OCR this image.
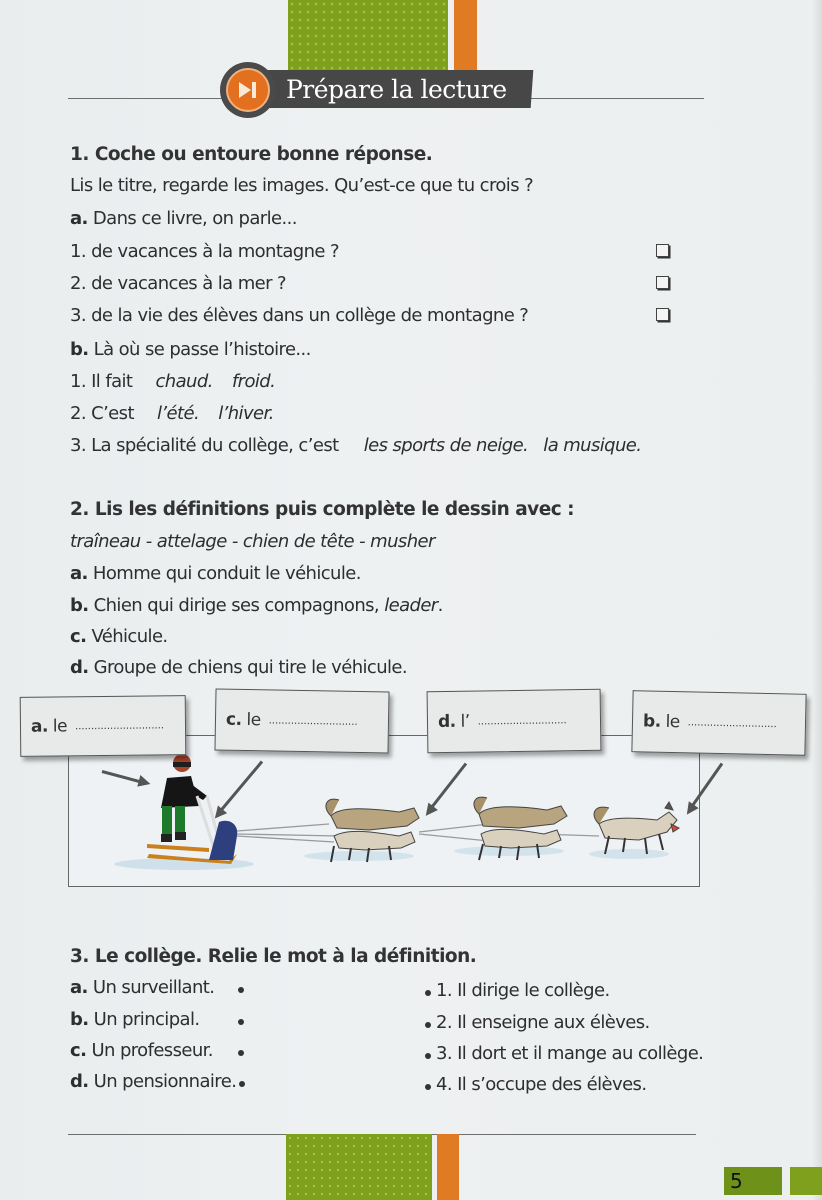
Prépare la lecture
1. Coche ou entoure bonne réponse.
Lis le titre, regarde les images. Qu’est-ce que tu crois ?
a. Dans ce livre, on parle...
1. de vacances à la montagne ?
2. de vacances à la mer ?
3. de la vie des élèves dans un collège de montagne ?
b. Là où se passe l’histoire...
1. Il fait chaud. froid.
2. C’est l’été. l’hiver.
3. La spécialité du collège, c’est les sports de neige. la musique.
2. Lis les définitions puis complète le dessin avec :
traîneau - attelage - chien de tête - musher
a. Homme qui conduit le véhicule.
b. Chien qui dirige ses compagnons, leader.
c. Véhicule.
d. Groupe de chiens qui tire le véhicule.
a.
le ............................	c.
le ............................	d.
l’ ............................	b.
le ............................
3. Le collège. Relie le mot à la définition.
a. Un surveillant.
b. Un principal.
c. Un professeur.
d. Un pensionnaire.
1. Il dirige le collège.
2. Il enseigne aux élèves.
3. Il dort et il mange au collège.
4. Il s’occupe des élèves.
5
